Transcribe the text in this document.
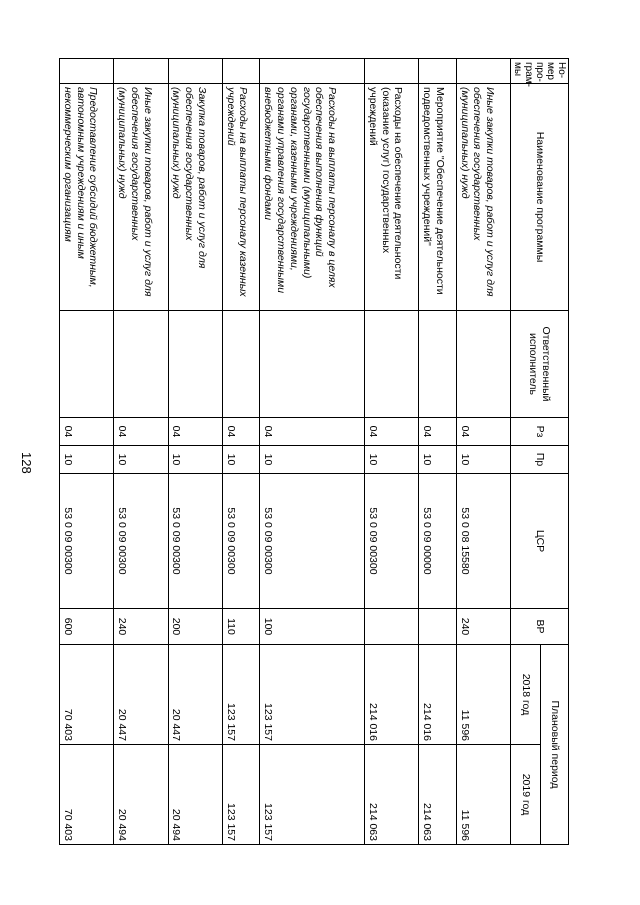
128
Но-мер про-грам-мы	Наименование программы	Ответственный исполнитель	Рз	Пр	ЦСР	ВР	Плановый период	
							2018 год	2019 год
	Иные закупки товаров, работ и услуг для обеспечения государственных (муниципальных) нужд		04	10	53 0 08 15580	240	11 596	11 596
	Мероприятие "Обеспечение деятельности подведомственных учреждений"		04	10	53 0 09 00000		214 016	214 063
	Расходы на обеспечение деятельности (оказание услуг) государственных учреждений		04	10	53 0 09 00300		214 016	214 063
	Расходы на выплаты персоналу в целях обеспечения выполнения функций государственными (муниципальными) органами, казенными учреждениями, органами управления государственными внебюджетными фондами		04	10	53 0 09 00300	100	123 157	123 157
	Расходы на выплаты персоналу казенных учреждений		04	10	53 0 09 00300	110	123 157	123 157
	Закупка товаров, работ и услуг для обеспечения государственных (муниципальных) нужд		04	10	53 0 09 00300	200	20 447	20 494
	Иные закупки товаров, работ и услуг для обеспечения государственных (муниципальных) нужд		04	10	53 0 09 00300	240	20 447	20 494
	Предоставление субсидий бюджетным, автономным учреждениям и иным некоммерческим организациям		04	10	53 0 09 00300	600	70 403	70 403
